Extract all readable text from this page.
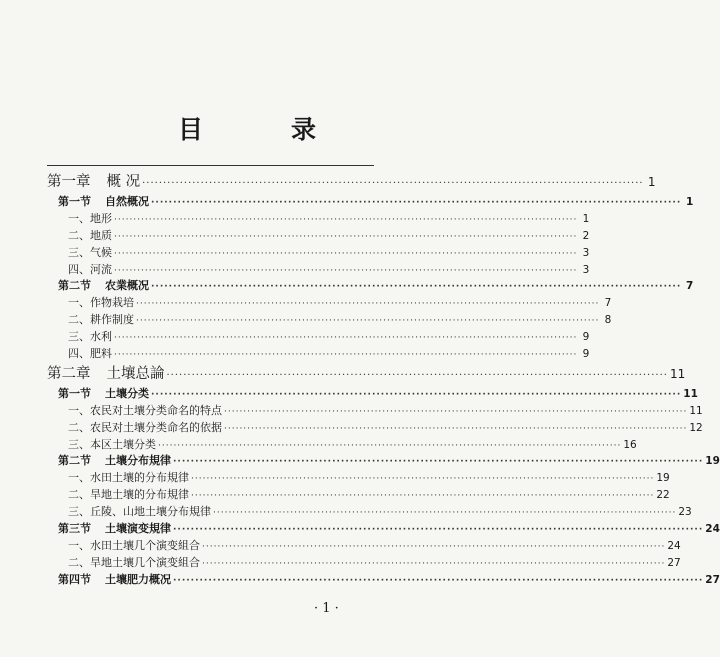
目 录
第一章 概 况 ························································································································ 1
第一节 自然概况 ························································································································ 1
一、地形 ························································································································ 1
二、地质 ························································································································ 2
三、气候 ························································································································ 3
四、河流 ························································································································ 3
第二节 农業概况 ························································································································ 7
一、作物栽培 ························································································································ 7
二、耕作制度 ························································································································ 8
三、水利 ························································································································ 9
四、肥料 ························································································································ 9
第二章 土壤总論 ························································································································ 11
第一节 土壤分类 ························································································································ 11
一、农民对土壤分类命名的特点 ························································································································ 11
二、农民对土壤分类命名的依据 ························································································································ 12
三、本区土壤分类 ························································································································ 16
第二节 土壤分布規律 ························································································································ 19
一、水田土壤的分布規律 ························································································································ 19
二、旱地土壤的分布規律 ························································································································ 22
三、丘陵、山地土壤分布規律 ························································································································ 23
第三节 土壤演变規律 ························································································································ 24
一、水田土壤几个演变組合 ························································································································ 24
二、旱地土壤几个演变組合 ························································································································ 27
第四节 土壤肥力概况 ························································································································ 27
· 1 ·
